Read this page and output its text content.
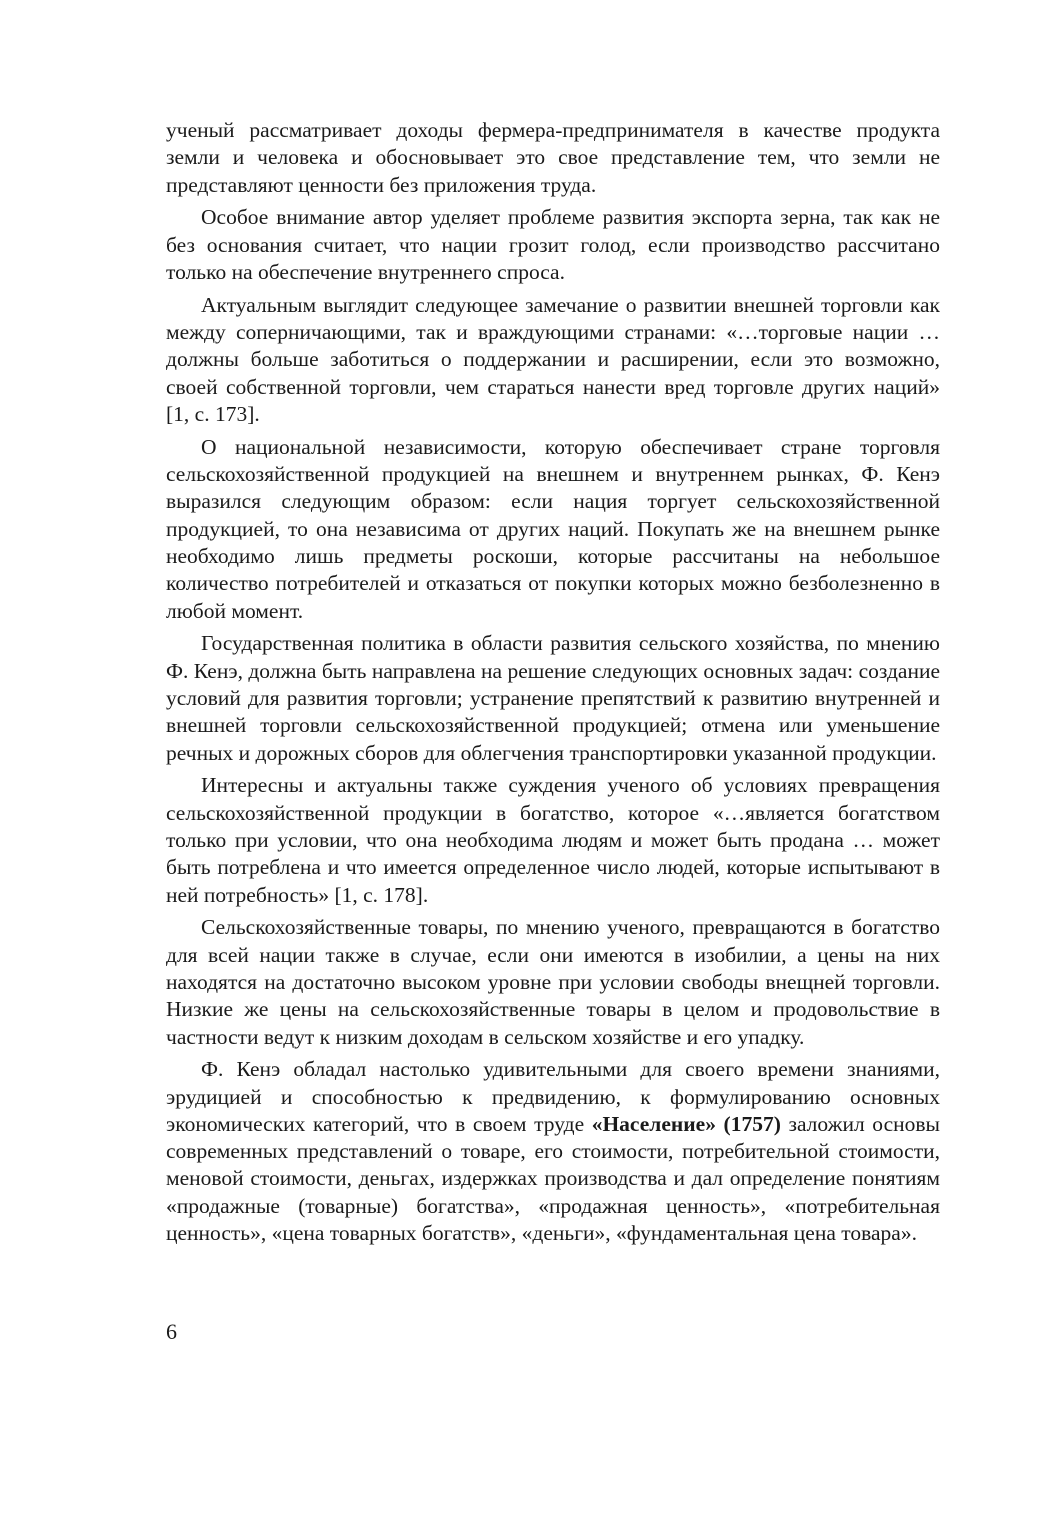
ученый рассматривает доходы фермера-предпринимателя в качестве продукта земли и человека и обосновывает это свое представление тем, что земли не представляют ценности без приложения труда.

Особое внимание автор уделяет проблеме развития экспорта зерна, так как не без основания считает, что нации грозит голод, если производство рассчитано только на обеспечение внутреннего спроса.

Актуальным выглядит следующее замечание о развитии внешней торговли как между соперничающими, так и враждующими странами: «…торговые нации … должны больше заботиться о поддержании и расширении, если это возможно, своей собственной торговли, чем стараться нанести вред торговле других наций» [1, с. 173].

О национальной независимости, которую обеспечивает стране торговля сельскохозяйственной продукцией на внешнем и внутреннем рынках, Ф. Кенэ выразился следующим образом: если нация торгует сельскохозяйственной продукцией, то она независима от других наций. Покупать же на внешнем рынке необходимо лишь предметы роскоши, которые рассчитаны на небольшое количество потребителей и отказаться от покупки которых можно безболезненно в любой момент.

Государственная политика в области развития сельского хозяйства, по мнению Ф. Кенэ, должна быть направлена на решение следующих основных задач: создание условий для развития торговли; устранение препятствий к развитию внутренней и внешней торговли сельскохозяйственной продукцией; отмена или уменьшение речных и дорожных сборов для облегчения транспортировки указанной продукции.

Интересны и актуальны также суждения ученого об условиях превращения сельскохозяйственной продукции в богатство, которое «…является богатством только при условии, что она необходима людям и может быть продана … может быть потреблена и что имеется определенное число людей, которые испытывают в ней потребность» [1, с. 178].

Сельскохозяйственные товары, по мнению ученого, превращаются в богатство для всей нации также в случае, если они имеются в изобилии, а цены на них находятся на достаточно высоком уровне при условии свободы внещней торговли. Низкие же цены на сельскохозяйственные товары в целом и продовольствие в частности ведут к низким доходам в сельском хозяйстве и его упадку.

Ф. Кенэ обладал настолько удивительными для своего времени знаниями, эрудицией и способностью к предвидению, к формулированию основных экономических категорий, что в своем труде «Население» (1757) заложил основы современных представлений о товаре, его стоимости, потребительной стоимости, меновой стоимости, деньгах, издержках производства и дал определение понятиям «продажные (товарные) богатства», «продажная ценность», «потребительная ценность», «цена товарных богатств», «деньги», «фундаментальная цена товара».

6
